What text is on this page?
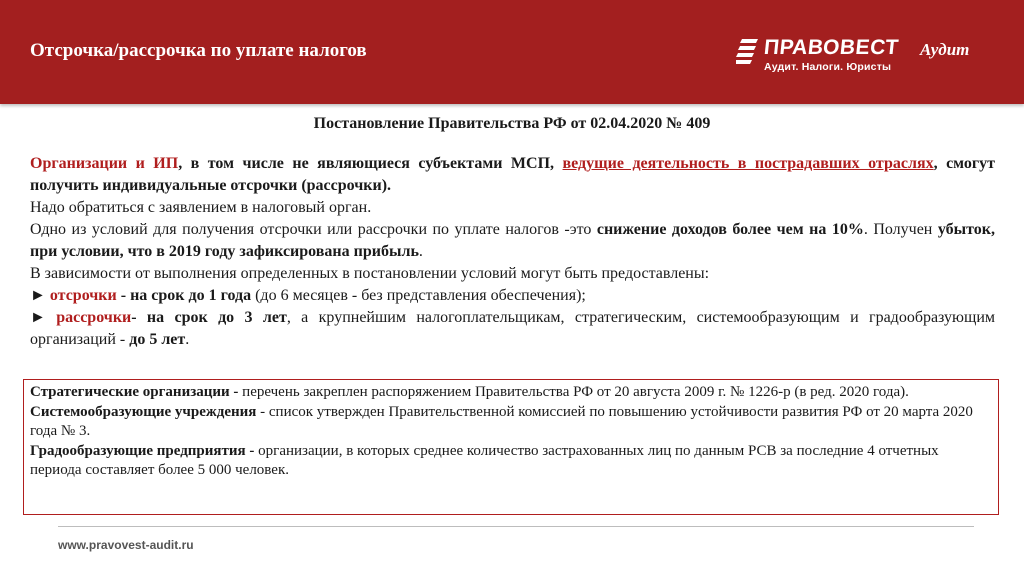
Отсрочка/рассрочка по уплате налогов	ПРАВОВЕСТ Аудит
Аудит. Налоги. Юристы
Постановление Правительства РФ от 02.04.2020 № 409

Организации и ИП, в том числе не являющиеся субъектами МСП, ведущие деятельность в пострадавших отраслях, смогут получить индивидуальные отсрочки (рассрочки).

Надо обратиться с заявлением в налоговый орган.

Одно из условий для получения отсрочки или рассрочки по уплате налогов -это снижение доходов более чем на 10%. Получен убыток, при условии, что в 2019 году зафиксирована прибыль.

В зависимости от выполнения определенных в постановлении условий могут быть предоставлены:

► отсрочки - на срок до 1 года (до 6 месяцев - без представления обеспечения);

► рассрочки- на срок до 3 лет, а крупнейшим налогоплательщикам, стратегическим, системообразующим и градообразующим организаций - до 5 лет.

Стратегические организации - перечень закреплен распоряжением Правительства РФ от 20 августа 2009 г. № 1226-р (в ред. 2020 года).

Системообразующие учреждения - список утвержден Правительственной комиссией по повышению устойчивости развития РФ от 20 марта 2020 года № 3.

Градообразующие предприятия - организации, в которых среднее количество застрахованных лиц по данным РСВ за последние 4 отчетных периода составляет более 5 000 человек.

www.pravovest-audit.ru
